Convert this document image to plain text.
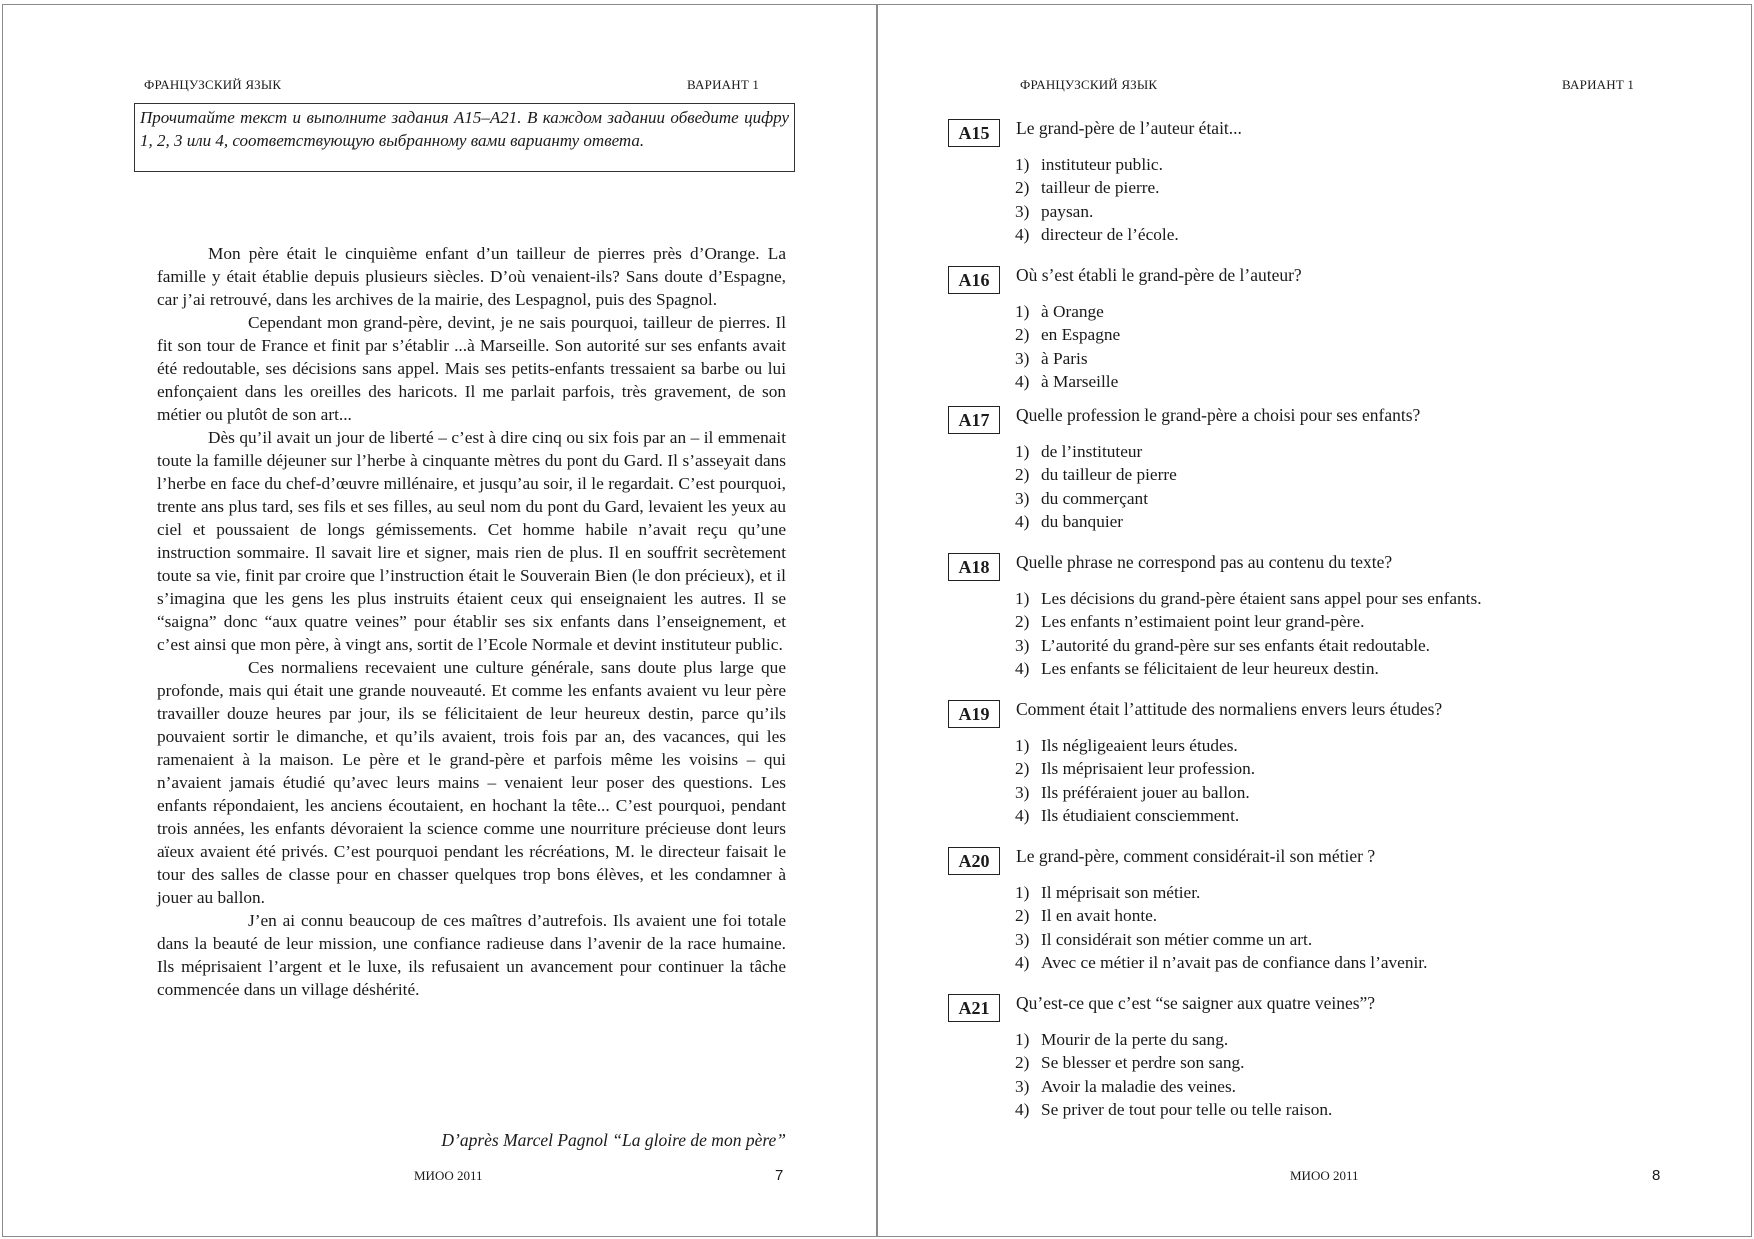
ФРАНЦУЗСКИЙ ЯЗЫК	ВАРИАНТ 1
Прочитайте текст и выполните задания A15–A21. В каждом задании обведите цифру 1, 2, 3 или 4, соответствующую выбранному вами варианту ответа.

Mon père était le cinquième enfant d’un tailleur de pierres près d’Orange. La famille y était établie depuis plusieurs siècles. D’où venaient-ils? Sans doute d’Espagne, car j’ai retrouvé, dans les archives de la mairie, des Lespagnol, puis des Spagnol.

Cependant mon grand-père, devint, je ne sais pourquoi, tailleur de pierres. Il fit son tour de France et finit par s’établir ...à Marseille. Son autorité sur ses enfants avait été redoutable, ses décisions sans appel. Mais ses petits-enfants tressaient sa barbe ou lui enfonçaient dans les oreilles des haricots. Il me parlait parfois, très gravement, de son métier ou plutôt de son art...

Dès qu’il avait un jour de liberté – c’est à dire cinq ou six fois par an – il emmenait toute la famille déjeuner sur l’herbe à cinquante mètres du pont du Gard. Il s’asseyait dans l’herbe en face du chef-d’œuvre millénaire, et jusqu’au soir, il le regardait. C’est pourquoi, trente ans plus tard, ses fils et ses filles, au seul nom du pont du Gard, levaient les yeux au ciel et poussaient de longs gémissements. Cet homme habile n’avait reçu qu’une instruction sommaire. Il savait lire et signer, mais rien de plus. Il en souffrit secrètement toute sa vie, finit par croire que l’instruction était le Souverain Bien (le don précieux), et il s’imagina que les gens les plus instruits étaient ceux qui enseignaient les autres. Il se “saigna” donc “aux quatre veines” pour établir ses six enfants dans l’enseignement, et c’est ainsi que mon père, à vingt ans, sortit de l’Ecole Normale et devint instituteur public.

Ces normaliens recevaient une culture générale, sans doute plus large que profonde, mais qui était une grande nouveauté. Et comme les enfants avaient vu leur père travailler douze heures par jour, ils se félicitaient de leur heureux destin, parce qu’ils pouvaient sortir le dimanche, et qu’ils avaient, trois fois par an, des vacances, qui les ramenaient à la maison. Le père et le grand-père et parfois même les voisins – qui n’avaient jamais étudié qu’avec leurs mains – venaient leur poser des questions. Les enfants répondaient, les anciens écoutaient, en hochant la tête... C’est pourquoi, pendant trois années, les enfants dévoraient la science comme une nourriture précieuse dont leurs aïeux avaient été privés. C’est pourquoi pendant les récréations, M. le directeur faisait le tour des salles de classe pour en chasser quelques trop bons élèves, et les condamner à jouer au ballon.

J’en ai connu beaucoup de ces maîtres d’autrefois. Ils avaient une foi totale dans la beauté de leur mission, une confiance radieuse dans l’avenir de la race humaine. Ils méprisaient l’argent et le luxe, ils refusaient un avancement pour continuer la tâche commencée dans un village déshérité.

D’après Marcel Pagnol “La gloire de mon père”
МИОО 2011	7
ФРАНЦУЗСКИЙ ЯЗЫК	ВАРИАНТ 1
A15	Le grand-père de l’auteur était...
1) instituteur public.
2) tailleur de pierre.
3) paysan.
4) directeur de l’école.
A16	Où s’est établi le grand-père de l’auteur?
1) à Orange
2) en Espagne
3) à Paris
4) à Marseille
A17	Quelle profession le grand-père a choisi pour ses enfants?
1) de l’instituteur
2) du tailleur de pierre
3) du commerçant
4) du banquier
A18	Quelle phrase ne correspond pas au contenu du texte?
1) Les décisions du grand-père étaient sans appel pour ses enfants.
2) Les enfants n’estimaient point leur grand-père.
3) L’autorité du grand-père sur ses enfants était redoutable.
4) Les enfants se félicitaient de leur heureux destin.
A19	Comment était l’attitude des normaliens envers leurs études?
1) Ils négligeaient leurs études.
2) Ils méprisaient leur profession.
3) Ils préféraient jouer au ballon.
4) Ils étudiaient consciemment.
A20	Le grand-père, comment considérait-il son métier ?
1) Il méprisait son métier.
2) Il en avait honte.
3) Il considérait son métier comme un art.
4) Avec ce métier il n’avait pas de confiance dans l’avenir.
A21	Qu’est-ce que c’est “se saigner aux quatre veines”?
1) Mourir de la perte du sang.
2) Se blesser et perdre son sang.
3) Avoir la maladie des veines.
4) Se priver de tout pour telle ou telle raison.
МИОО 2011	8
